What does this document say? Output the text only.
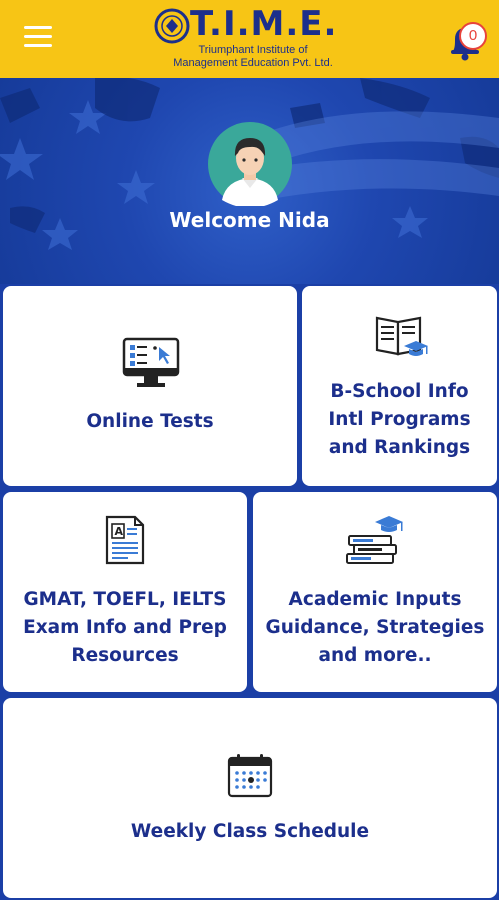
T.I.M.E.
Triumphant Institute of
Management Education Pvt. Ltd.
0
Welcome Nida
Online Tests
B-School Info
Intl Programs
and Rankings
A
GMAT, TOEFL, IELTS
Exam Info and Prep
Resources
Academic Inputs
Guidance, Strategies
and more..
Weekly Class Schedule
